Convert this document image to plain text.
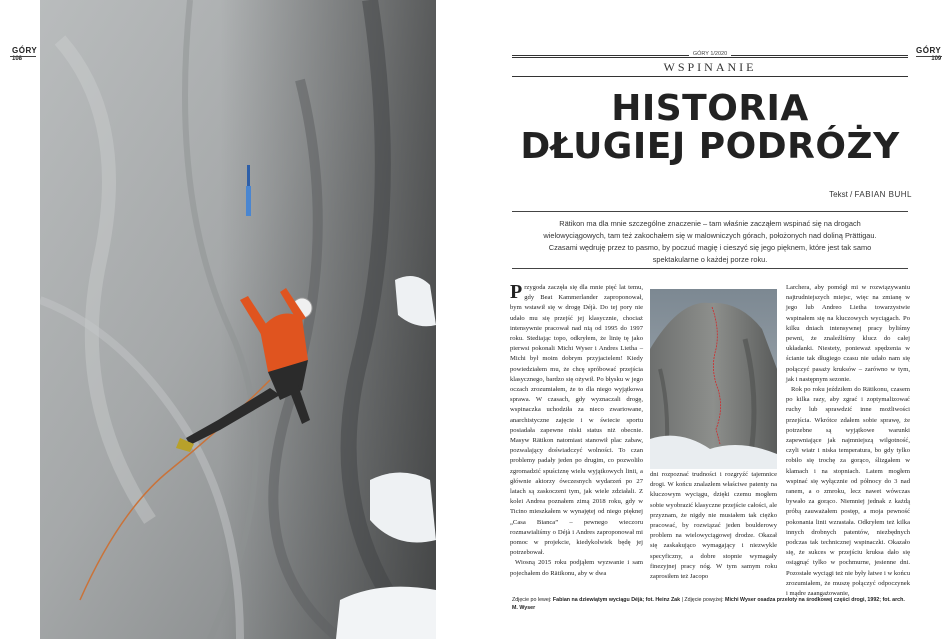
GÓRY
108
GÓRY
109
GÓRY 1/2020
WSPINANIE
HISTORIA
DŁUGIEJ PODRÓŻY
Tekst / FABIAN BUHL
Rätikon ma dla mnie szczególne znaczenie – tam właśnie zacząłem wspinać się na drogach wielowyciągowych, tam też zakochałem się w malowniczych górach, położonych nad doliną Prättigau. Czasami wędruję przez to pasmo, by poczuć magię i cieszyć się jego pięknem, które jest tak samo spektakularne o każdej porze roku.

Przygoda zaczęła się dla mnie pięć lat temu, gdy Beat Kammerlander zaproponował, bym wstawił się w drogę Déjà. Do tej pory nie udało mu się przejść jej klasycznie, chociaż intensywnie pracował nad nią od 1995 do 1997 roku. Stediając topo, odkryłem, że linię tę jako pierwsi pokonali Michi Wyser i Andres Lietha – Michi był moim dobrym przyjacielem! Kiedy powiedziałem mu, że chcę spróbować przejścia klasycznego, bardzo się ożywił. Po błysku w jego oczach zrozumiałem, że to dla niego wyjątkowa sprawa. W czasach, gdy wyznaczali drogę, wspinaczka uchodziła za nieco zwariowane, anarchistyczne zajęcie i w świecie sportu posiadała zapewne niski status niż obecnie. Masyw Rätikon natomiast stanowił plac zabaw, pozwalający doświadczyć wolności. To czan problemy padały jeden po drugim, co pozwoliło zgromadzić spuściznę wielu wyjątkowych linii, a głównie aktorzy ówczesnych wydarzeń po 27 latach są zaskoczeni tym, jak wiele zdziałali. Z kolei Andrea poznałem zimą 2018 roku, gdy w Ticino mieszkałem w wynajętej od niego pięknej „Casa Bianca” – pewnego wieczoru rozmawialiśmy o Déjà i Andres zaproponował mi pomoc w projekcie, kiedykolwiek będę jej potrzebował.

Wiosną 2015 roku podjąłem wyzwanie i sam pojechałem do Rätikonu, aby w dwa

dni rozpoznać trudności i rozgryźć tajemnice drogi. W końcu znalazłem właściwe patenty na kluczowym wyciągu, dzięki czemu mogłem sobie wyobrazić klasyczne przejście całości, ale przyznam, że nigdy nie musiałem tak ciężko pracować, by rozwiązać jeden boulderowy problem na wielowyciągowej drodze. Okazał się zaskakująco wymagający i niezwykle specyficzny, a dobre stopnie wymagały finezyjnej pracy nóg. W tym samym roku zaprosiłem też Jacopo

Larchera, aby pomógł mi w rozwiązywaniu najtrudniejszych miejsc, więc na zmianę w jego lub Andreo Lietha towarzystwie wspinałem się na kluczowych wyciągach. Po kilku dniach intensywnej pracy byliśmy pewni, że znaleźliśmy klucz do całej układanki. Niestety, ponieważ spędzenia w ścianie tak długiego czasu nie udało nam się połączyć pasaży kruksów – zarówno w tym, jak i następnym sezonie.

Rok po roku jeździłem do Rätikonu, czasem po kilka razy, aby zgrać i zoptymalizować ruchy lub sprawdzić inne możliwości przejścia. Wkrótce zdałem sobie sprawę, że potrzebne są wyjątkowe warunki zapewniające jak najmniejszą wilgotność, czyli wiatr i niska temperatura, bo gdy tylko robiło się trochę za gorąco, ślizgałem w klamach i na stopniach. Latem mogłem wspinać się wyłącznie od północy do 3 nad ranem, a o zmroku, lecz nawet wówczas bywało za gorąco. Niemniej jednak z każdą próbą zauważałem postęp, a moja pewność pokonania linii wzrastała. Odkryłem też kilka innych drobnych patentów, niezbędnych podczas tak technicznej wspinaczki. Okazało się, że sukces w przejściu kruksa dało się osiągnąć tylko w pochmurne, jesienne dni. Pozostałe wyciągi też nie były łatwe i w końcu zrozumiałem, że muszę połączyć odpoczynek i mądre zaangażowanie,

Zdjęcie po lewej: Fabian na dziewiątym wyciągu Déjà; fot. Heinz Zak | Zdjęcie powyżej: Michi Wyser osadza przeloty na środkowej części drogi, 1992; fot. arch. M. Wyser
